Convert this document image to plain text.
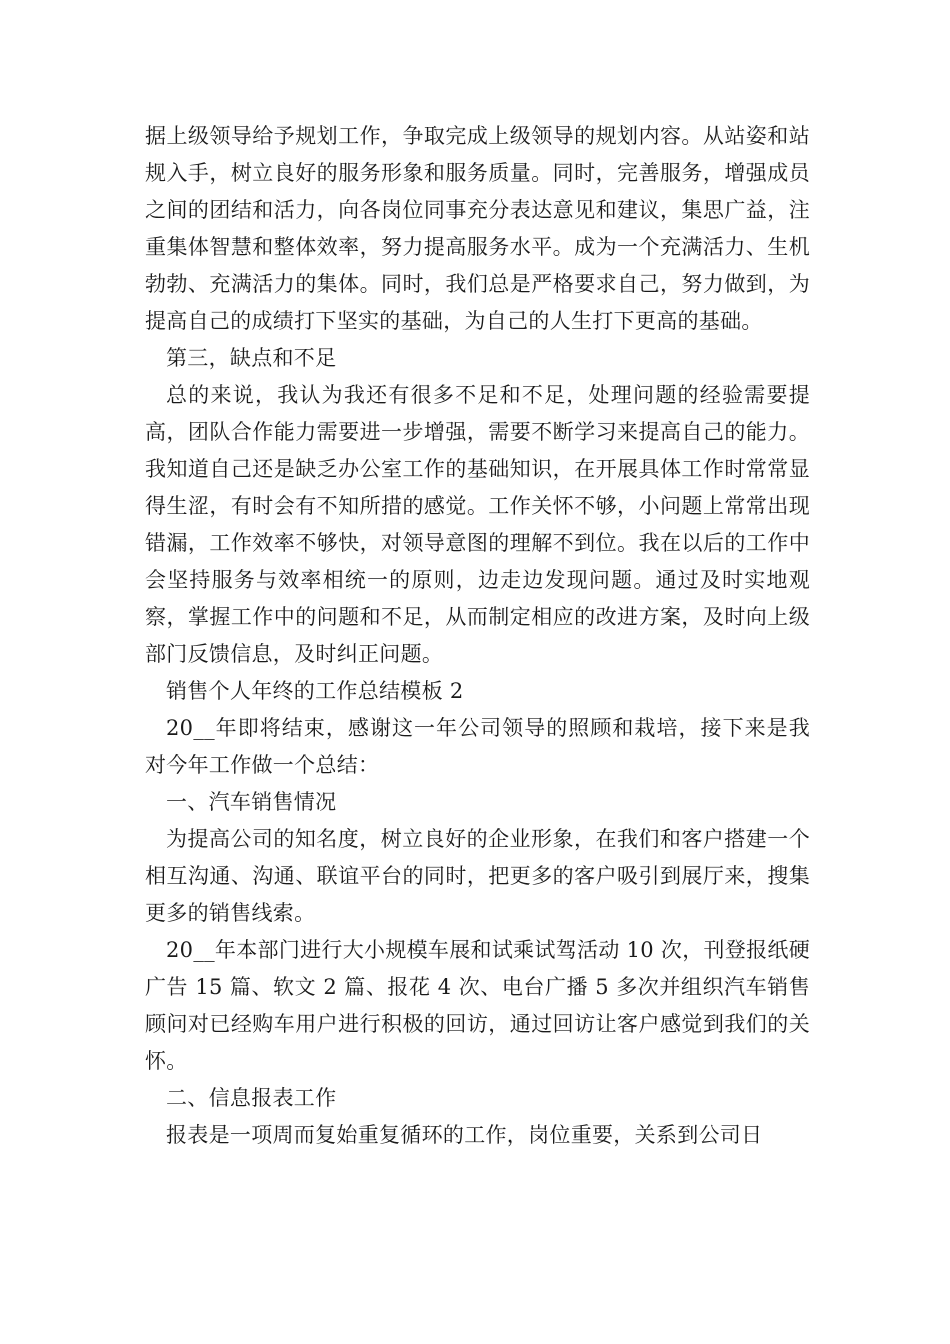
据上级领导给予规划工作，争取完成上级领导的规划内容。从站姿和站规入手，树立良好的服务形象和服务质量。同时，完善服务，增强成员之间的团结和活力，向各岗位同事充分表达意见和建议，集思广益，注重集体智慧和整体效率，努力提高服务水平。成为一个充满活力、生机勃勃、充满活力的集体。同时，我们总是严格要求自己，努力做到，为提高自己的成绩打下坚实的基础，为自己的人生打下更高的基础。

第三，缺点和不足

总的来说，我认为我还有很多不足和不足，处理问题的经验需要提高，团队合作能力需要进一步增强，需要不断学习来提高自己的能力。我知道自己还是缺乏办公室工作的基础知识，在开展具体工作时常常显得生涩，有时会有不知所措的感觉。工作关怀不够，小问题上常常出现错漏，工作效率不够快，对领导意图的理解不到位。我在以后的工作中会坚持服务与效率相统一的原则，边走边发现问题。通过及时实地观察，掌握工作中的问题和不足，从而制定相应的改进方案，及时向上级部门反馈信息，及时纠正问题。

销售个人年终的工作总结模板 2

20__年即将结束，感谢这一年公司领导的照顾和栽培，接下来是我对今年工作做一个总结：

一、汽车销售情况

为提高公司的知名度，树立良好的企业形象，在我们和客户搭建一个相互沟通、沟通、联谊平台的同时，把更多的客户吸引到展厅来，搜集更多的销售线索。

20__年本部门进行大小规模车展和试乘试驾活动 10 次，刊登报纸硬广告 15 篇、软文 2 篇、报花 4 次、电台广播 5 多次并组织汽车销售顾问对已经购车用户进行积极的回访，通过回访让客户感觉到我们的关怀。

二、信息报表工作

报表是一项周而复始重复循环的工作，岗位重要，关系到公司日
